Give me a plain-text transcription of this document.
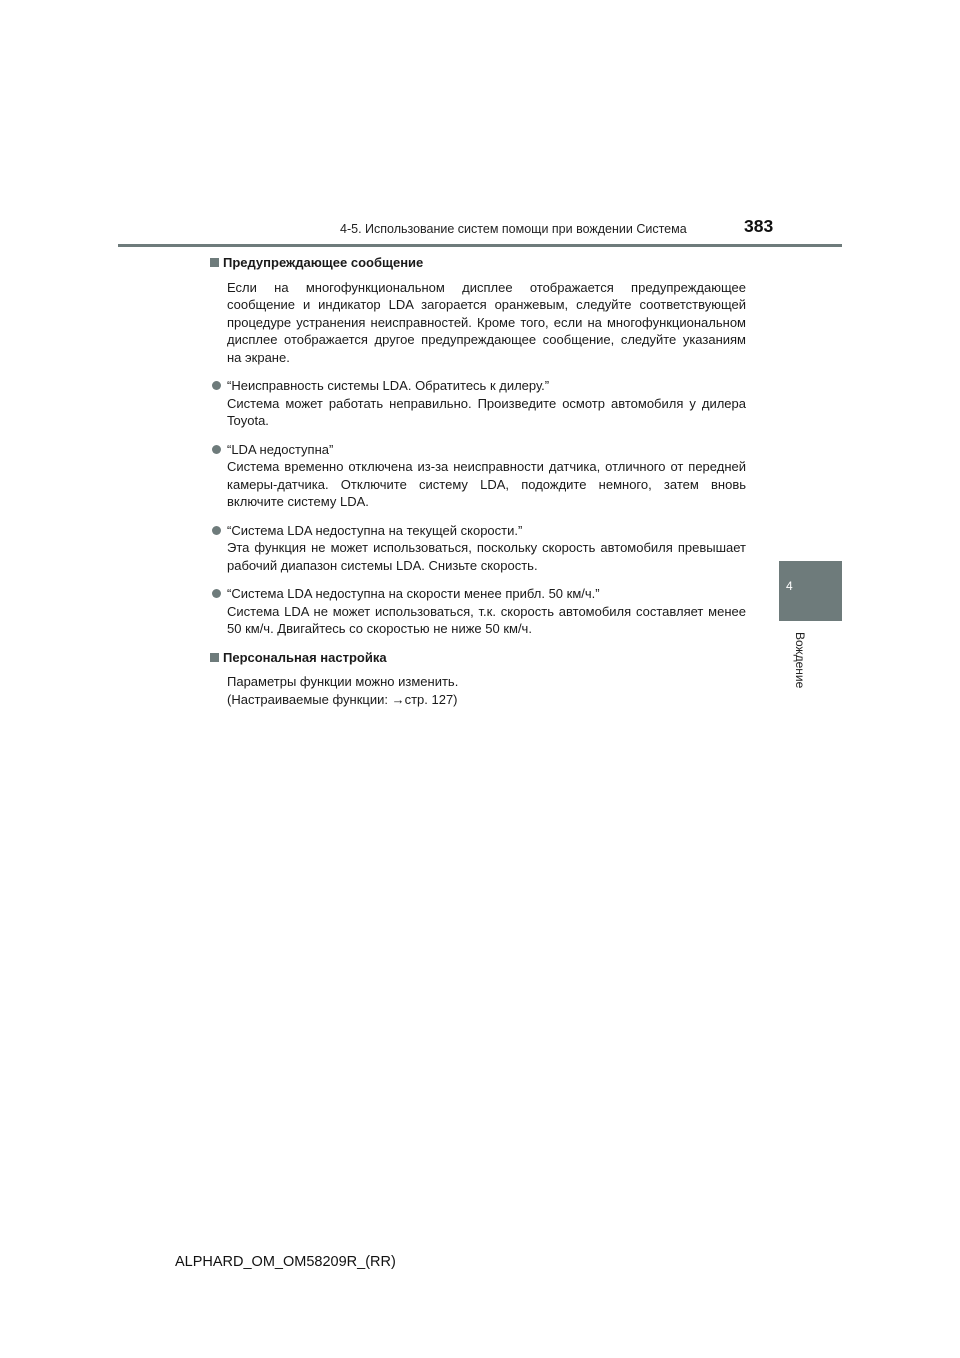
4-5. Использование систем помощи при вождении Система	383
4
Вождение
Предупреждающее сообщение
Если на многофункциональном дисплее отображается предупреждающее сообщение и индикатор LDA загорается оранжевым, следуйте соответствующей процедуре устранения неисправностей. Кроме того, если на многофункциональном дисплее отображается другое предупреждающее сообщение, следуйте указаниям на экране.
“Неисправность системы LDA. Обратитесь к дилеру.”
Система может работать неправильно. Произведите осмотр автомобиля у дилера Toyota.
“LDA недоступна”
Система временно отключена из-за неисправности датчика, отличного от передней камеры-датчика. Отключите систему LDA, подождите немного, затем вновь включите систему LDA.
“Система LDA недоступна на текущей скорости.”
Эта функция не может использоваться, поскольку скорость автомобиля превышает рабочий диапазон системы LDA. Снизьте скорость.
“Система LDA недоступна на скорости менее прибл. 50 км/ч.”
Система LDA не может использоваться, т.к. скорость автомобиля составляет менее 50 км/ч. Двигайтесь со скоростью не ниже 50 км/ч.
Персональная настройка
Параметры функции можно изменить.
(Настраиваемые функции: →стр. 127)
ALPHARD_OM_OM58209R_(RR)
